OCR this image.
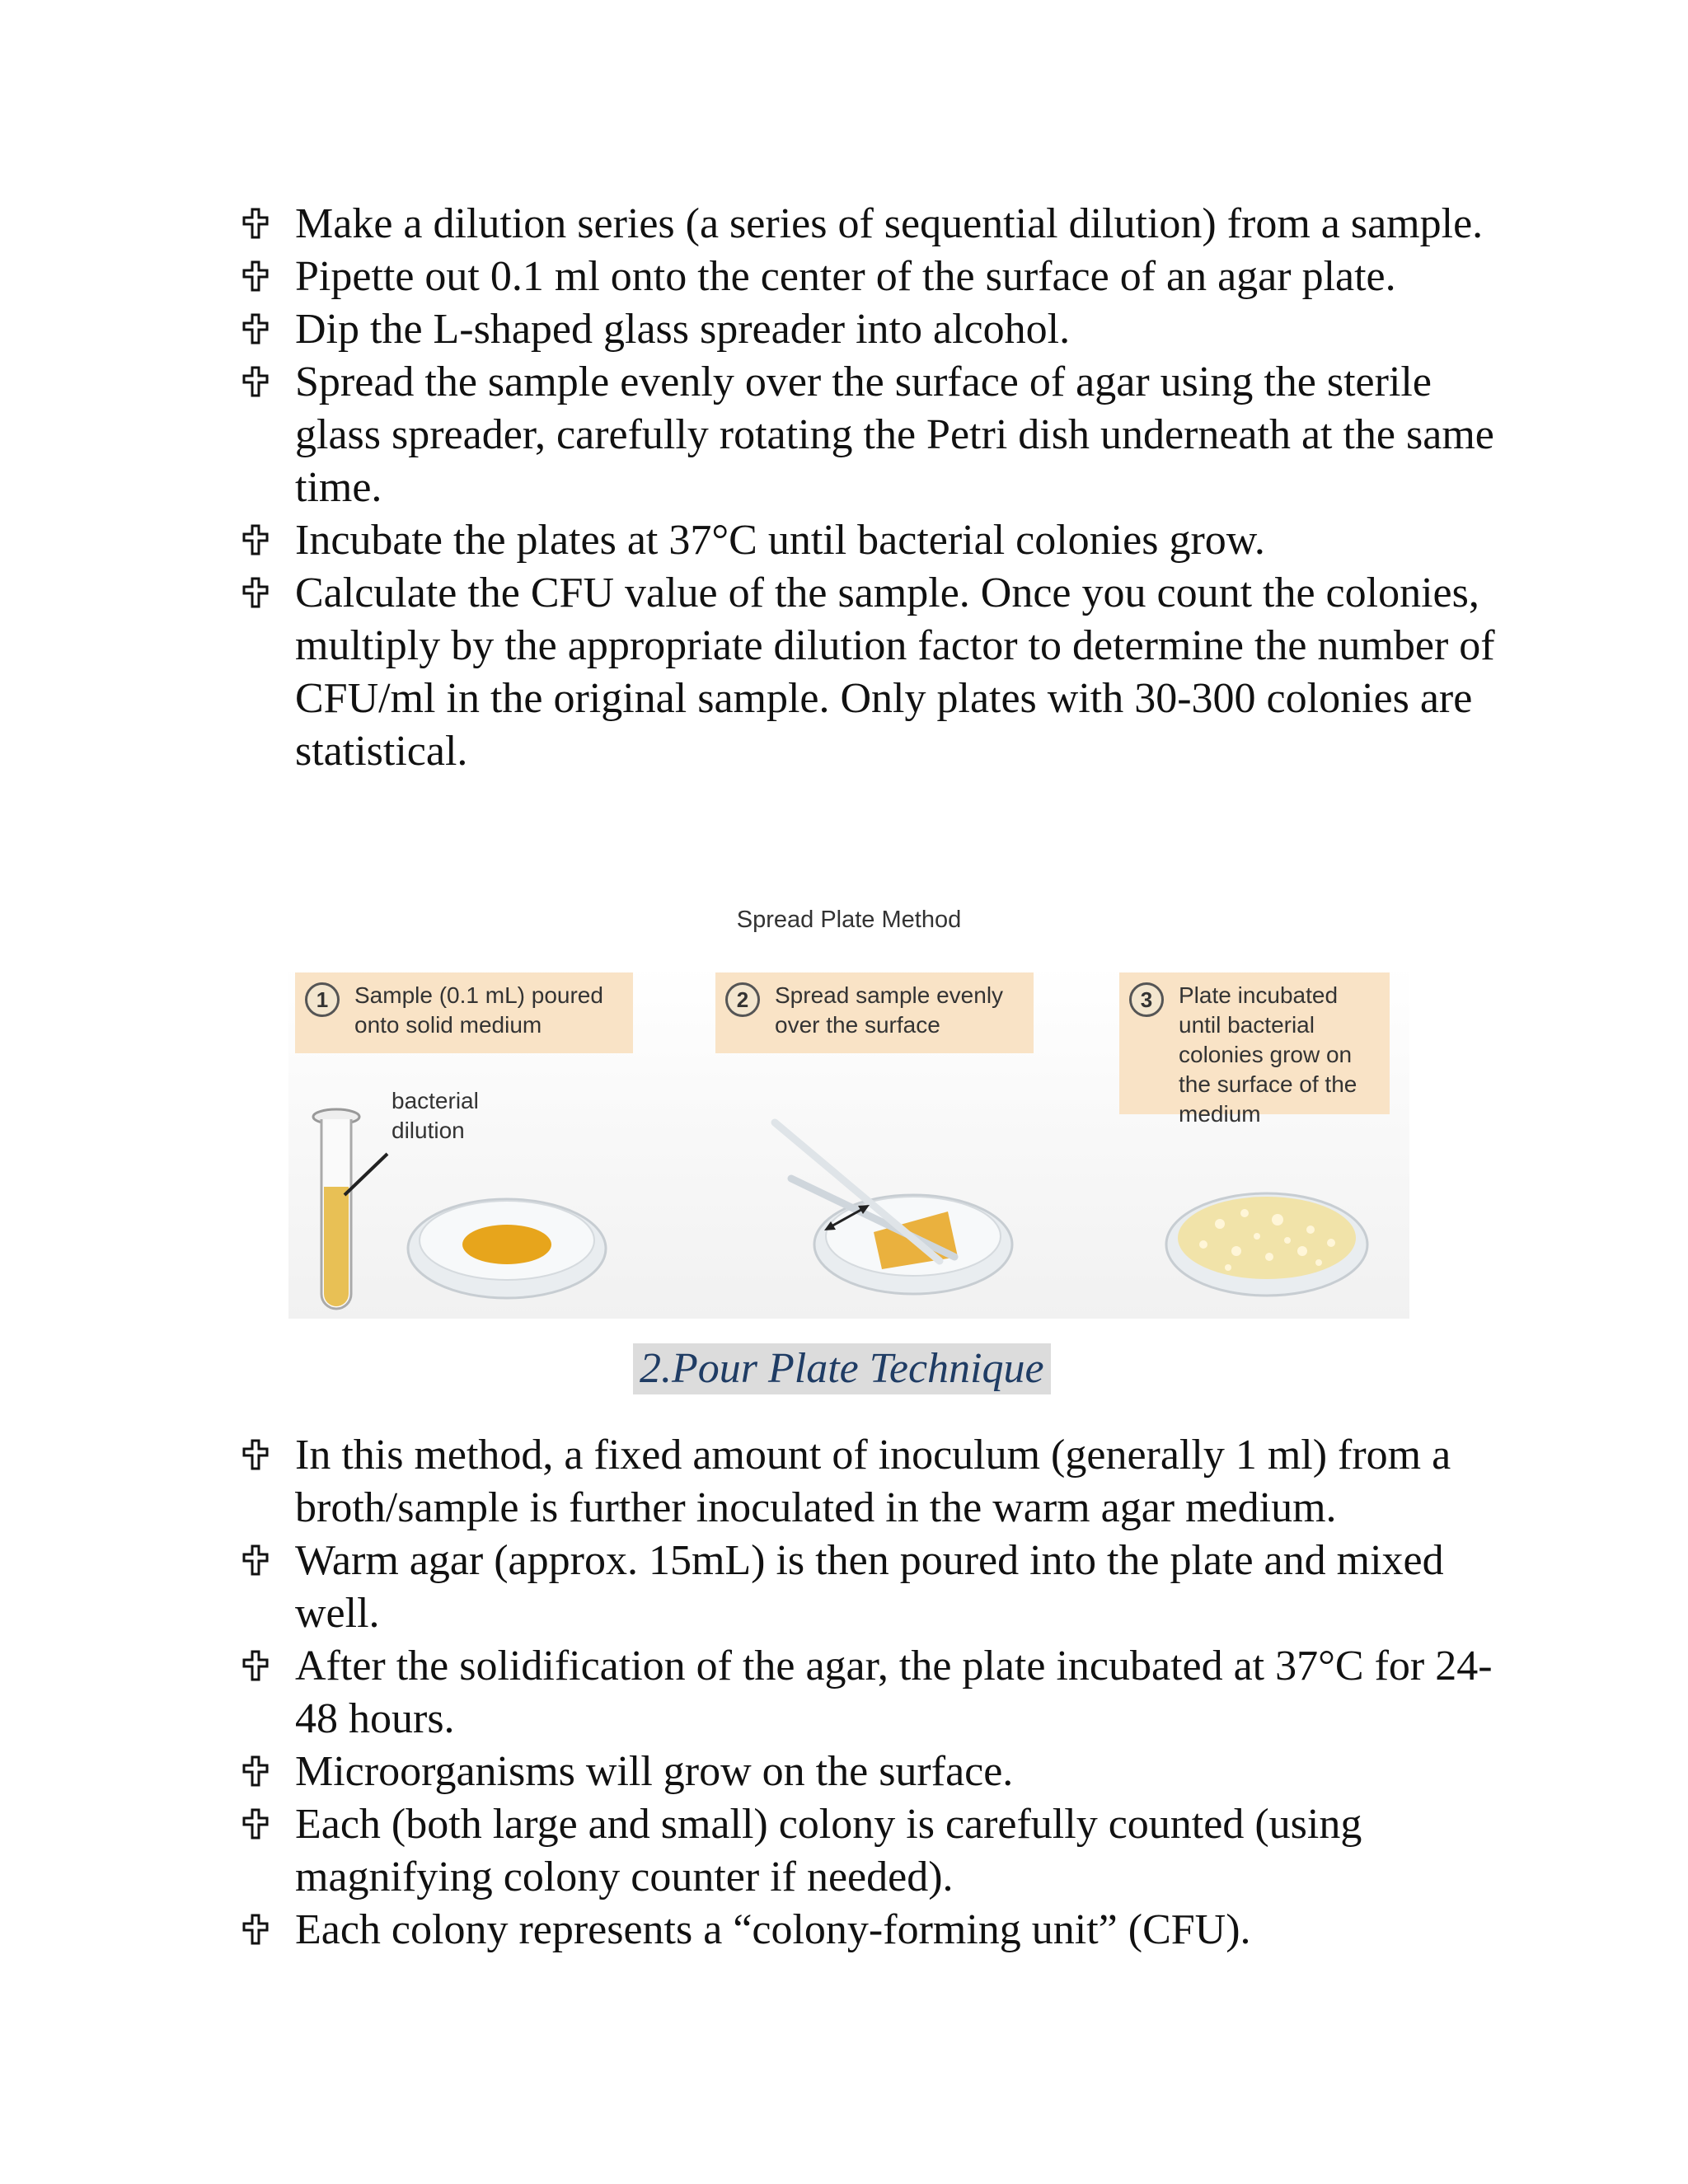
Make a dilution series (a series of sequential dilution) from a sample.
Pipette out 0.1 ml onto the center of the surface of an agar plate.
Dip the L-shaped glass spreader into alcohol.
Spread the sample evenly over the surface of agar using the sterile glass spreader, carefully rotating the Petri dish underneath at the same time.
Incubate the plates at 37°C until bacterial colonies grow.
Calculate the CFU value of the sample. Once you count the colonies, multiply by the appropriate dilution factor to determine the number of CFU/ml in the original sample. Only plates with 30-300 colonies are statistical.
Spread Plate Method
1	Sample (0.1 mL) poured onto solid medium
2	Spread sample evenly over the surface
3	Plate incubated until bacterial colonies grow on the surface of the medium
bacterial dilution
2.Pour Plate Technique
In this method, a fixed amount of inoculum (generally 1 ml) from a broth/sample is further inoculated in the warm agar medium.
Warm agar (approx. 15mL) is then poured into the plate and mixed well.
After the solidification of the agar, the plate incubated at 37°C for 24-48 hours.
Microorganisms will grow on the surface.
Each (both large and small) colony is carefully counted (using magnifying colony counter if needed).
Each colony represents a “colony-forming unit” (CFU).
